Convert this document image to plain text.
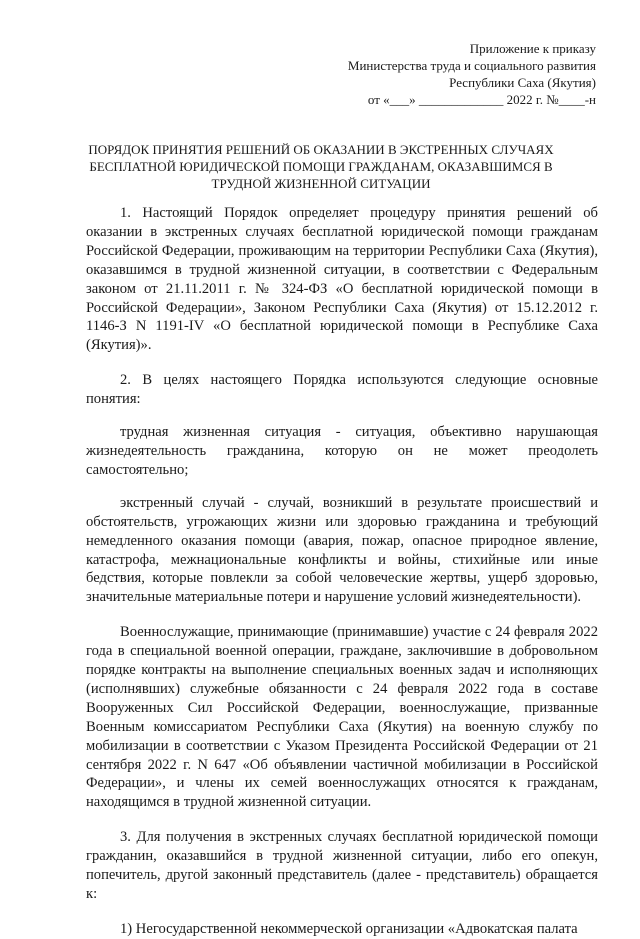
Приложение к приказу
Министерства труда и социального развития
Республики Саха (Якутия)
от «___» _____________ 2022 г. №____-н
ПОРЯДОК ПРИНЯТИЯ РЕШЕНИЙ ОБ ОКАЗАНИИ В ЭКСТРЕННЫХ СЛУЧАЯХ БЕСПЛАТНОЙ ЮРИДИЧЕСКОЙ ПОМОЩИ ГРАЖДАНАМ, ОКАЗАВШИМСЯ В ТРУДНОЙ ЖИЗНЕННОЙ СИТУАЦИИ

1. Настоящий Порядок определяет процедуру принятия решений об оказании в экстренных случаях бесплатной юридической помощи гражданам Российской Федерации, проживающим на территории Республики Саха (Якутия), оказавшимся в трудной жизненной ситуации, в соответствии с Федеральным законом от 21.11.2011 г. № 324-ФЗ «О бесплатной юридической помощи в Российской Федерации», Законом Республики Саха (Якутия) от 15.12.2012 г. 1146-З N 1191-IV «О бесплатной юридической помощи в Республике Саха (Якутия)».

2. В целях настоящего Порядка используются следующие основные понятия:

трудная жизненная ситуация - ситуация, объективно нарушающая жизнедеятельность гражданина, которую он не может преодолеть самостоятельно;

экстренный случай - случай, возникший в результате происшествий и обстоятельств, угрожающих жизни или здоровью гражданина и требующий немедленного оказания помощи (авария, пожар, опасное природное явление, катастрофа, межнациональные конфликты и войны, стихийные или иные бедствия, которые повлекли за собой человеческие жертвы, ущерб здоровью, значительные материальные потери и нарушение условий жизнедеятельности).

Военнослужащие, принимающие (принимавшие) участие с 24 февраля 2022 года в специальной военной операции, граждане, заключившие в добровольном порядке контракты на выполнение специальных военных задач и исполняющих (исполнявших) служебные обязанности с 24 февраля 2022 года в составе Вооруженных Сил Российской Федерации, военнослужащие, призванные Военным комиссариатом Республики Саха (Якутия) на военную службу по мобилизации в соответствии с Указом Президента Российской Федерации от 21 сентября 2022 г. N 647 «Об объявлении частичной мобилизации в Российской Федерации», и члены их семей военнослужащих относятся к гражданам, находящимся в трудной жизненной ситуации.

3. Для получения в экстренных случаях бесплатной юридической помощи гражданин, оказавшийся в трудной жизненной ситуации, либо его опекун, попечитель, другой законный представитель (далее - представитель) обращается к:

1) Негосударственной некоммерческой организации «Адвокатская палата
